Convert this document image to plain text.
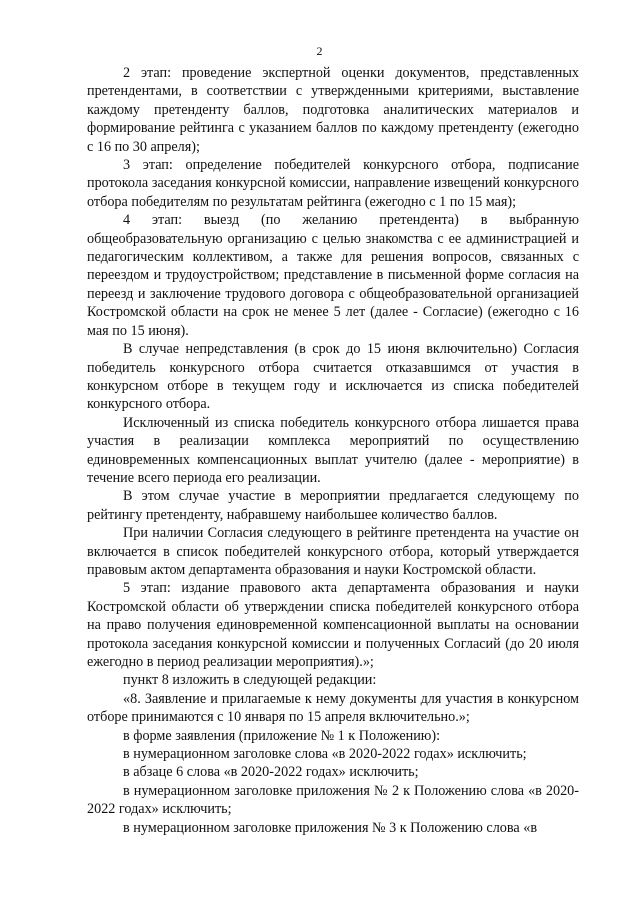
2

2 этап: проведение экспертной оценки документов, представленных претендентами, в соответствии с утвержденными критериями, выставление каждому претенденту баллов, подготовка аналитических материалов и формирование рейтинга с указанием баллов по каждому претенденту (ежегодно с 16 по 30 апреля);

3 этап: определение победителей конкурсного отбора, подписание протокола заседания конкурсной комиссии, направление извещений конкурсного отбора победителям по результатам рейтинга (ежегодно с 1 по 15 мая);

4 этап: выезд (по желанию претендента) в выбранную общеобразовательную организацию с целью знакомства с ее администрацией и педагогическим коллективом, а также для решения вопросов, связанных с переездом и трудоустройством; представление в письменной форме согласия на переезд и заключение трудового договора с общеобразовательной организацией Костромской области на срок не менее 5 лет (далее - Согласие) (ежегодно с 16 мая по 15 июня).

В случае непредставления (в срок до 15 июня включительно) Согласия победитель конкурсного отбора считается отказавшимся от участия в конкурсном отборе в текущем году и исключается из списка победителей конкурсного отбора.

Исключенный из списка победитель конкурсного отбора лишается права участия в реализации комплекса мероприятий по осуществлению единовременных компенсационных выплат учителю (далее - мероприятие) в течение всего периода его реализации.

В этом случае участие в мероприятии предлагается следующему по рейтингу претенденту, набравшему наибольшее количество баллов.

При наличии Согласия следующего в рейтинге претендента на участие он включается в список победителей конкурсного отбора, который утверждается правовым актом департамента образования и науки Костромской области.

5 этап: издание правового акта департамента образования и науки Костромской области об утверждении списка победителей конкурсного отбора на право получения единовременной компенсационной выплаты на основании протокола заседания конкурсной комиссии и полученных Согласий (до 20 июля ежегодно в период реализации мероприятия).»;

пункт 8 изложить в следующей редакции:

«8. Заявление и прилагаемые к нему документы для участия в конкурсном отборе принимаются с 10 января по 15 апреля включительно.»;

в форме заявления (приложение № 1 к Положению):

в нумерационном заголовке слова «в 2020-2022 годах» исключить;

в абзаце 6 слова «в 2020-2022 годах» исключить;

в нумерационном заголовке приложения № 2 к Положению слова «в 2020-2022 годах» исключить;

в нумерационном заголовке приложения № 3 к Положению слова «в
